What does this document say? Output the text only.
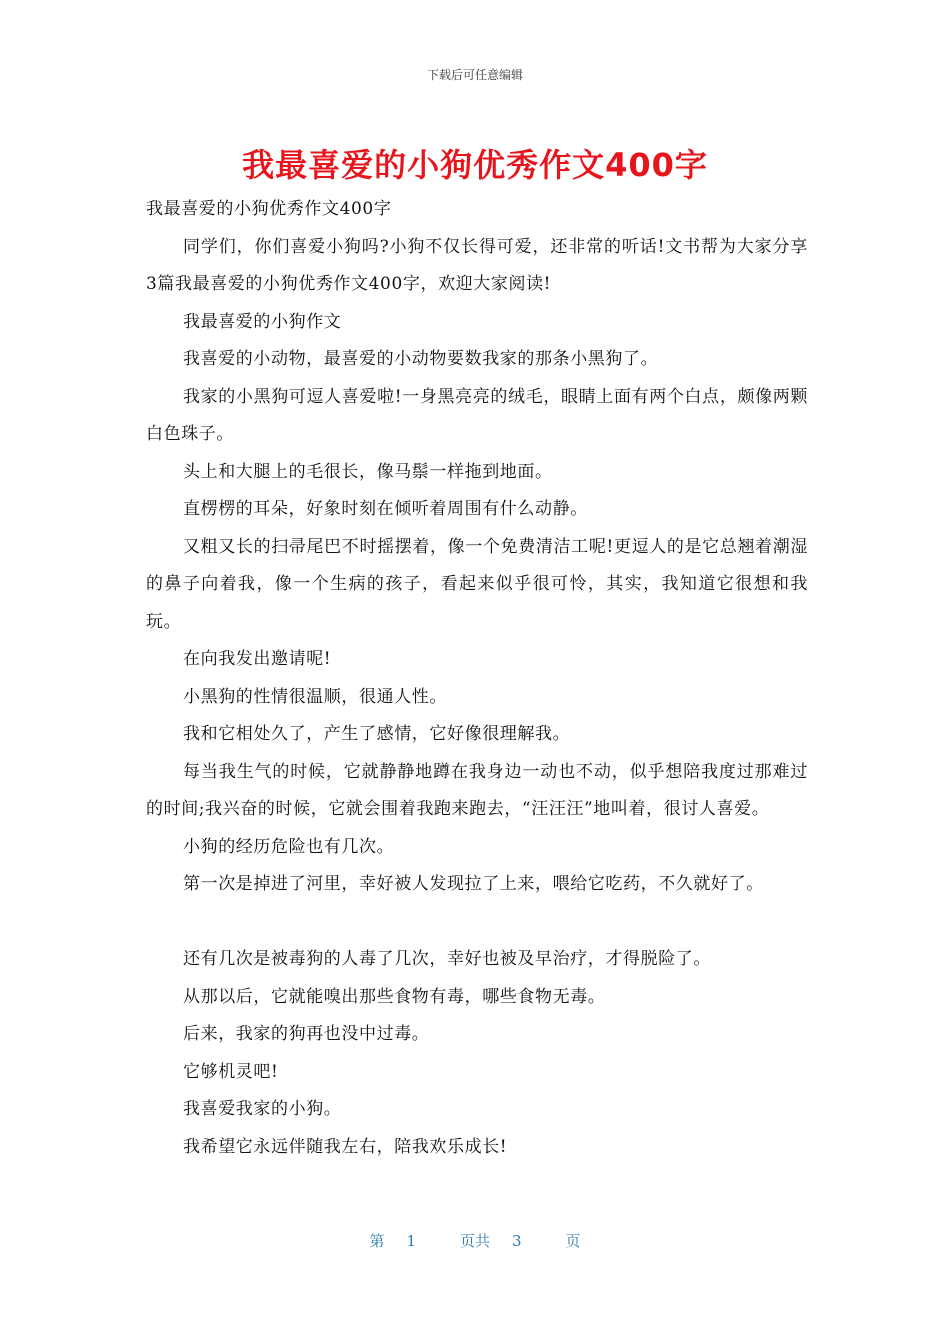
下载后可任意编辑
我最喜爱的小狗优秀作文400字

我最喜爱的小狗优秀作文400字

同学们，你们喜爱小狗吗?小狗不仅长得可爱，还非常的听话!文书帮为大家分享3篇我最喜爱的小狗优秀作文400字，欢迎大家阅读!

我最喜爱的小狗作文

我喜爱的小动物，最喜爱的小动物要数我家的那条小黑狗了。

我家的小黑狗可逗人喜爱啦!一身黑亮亮的绒毛，眼睛上面有两个白点，颇像两颗白色珠子。

头上和大腿上的毛很长，像马鬃一样拖到地面。

直楞楞的耳朵，好象时刻在倾听着周围有什么动静。

又粗又长的扫帚尾巴不时摇摆着，像一个免费清洁工呢!更逗人的是它总翘着潮湿的鼻子向着我，像一个生病的孩子，看起来似乎很可怜，其实，我知道它很想和我玩。

在向我发出邀请呢!

小黑狗的性情很温顺，很通人性。

我和它相处久了，产生了感情，它好像很理解我。

每当我生气的时候，它就静静地蹲在我身边一动也不动，似乎想陪我度过那难过的时间;我兴奋的时候，它就会围着我跑来跑去，“汪汪汪”地叫着，很讨人喜爱。

小狗的经历危险也有几次。

第一次是掉进了河里，幸好被人发现拉了上来，喂给它吃药，不久就好了。

还有几次是被毒狗的人毒了几次，幸好也被及早治疗，才得脱险了。

从那以后，它就能嗅出那些食物有毒，哪些食物无毒。

后来，我家的狗再也没中过毒。

它够机灵吧!

我喜爱我家的小狗。

我希望它永远伴随我左右，陪我欢乐成长!

第 1	页共 3	页
